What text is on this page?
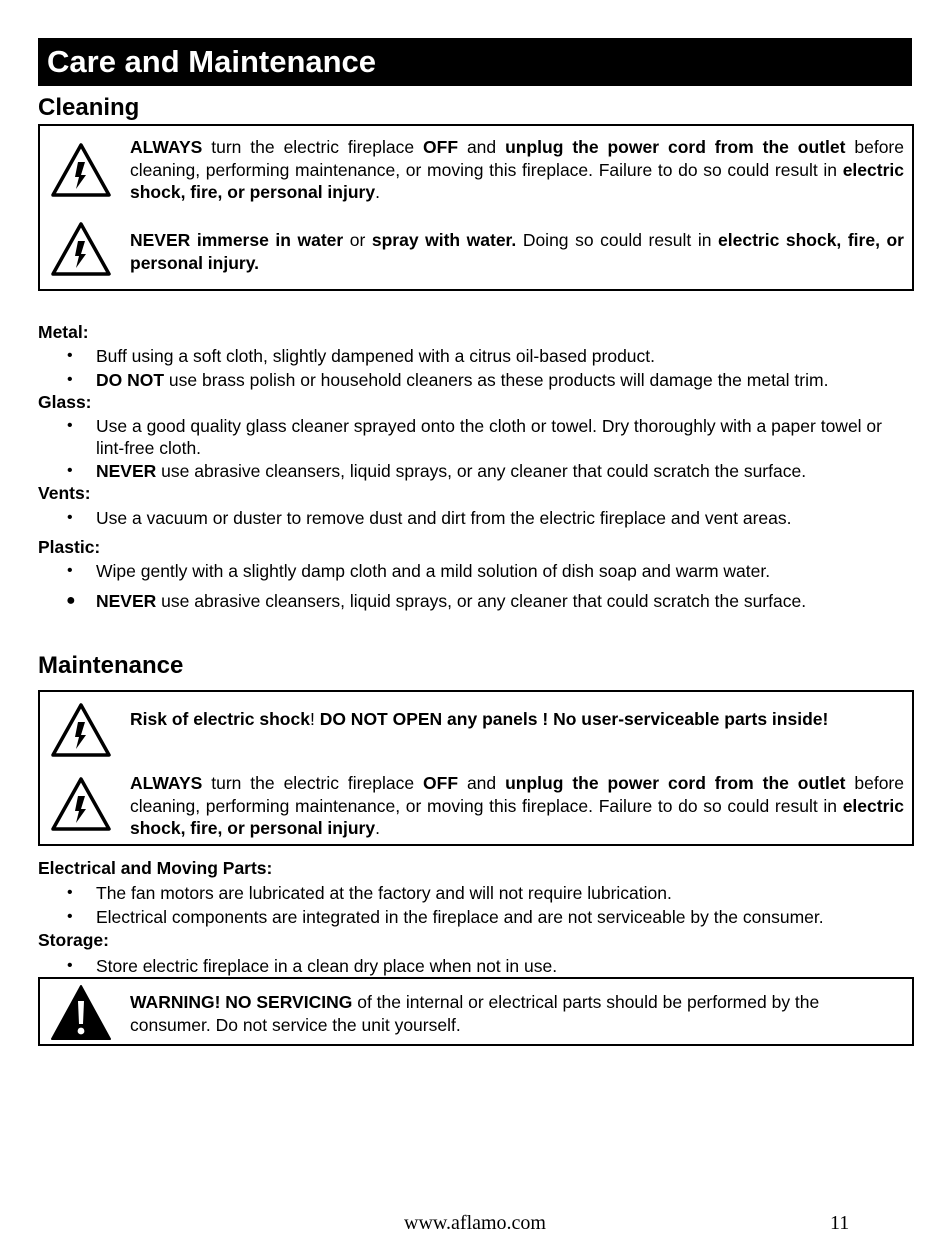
Care and Maintenance
Cleaning
ALWAYS turn the electric fireplace OFF and unplug the power cord from the outlet before cleaning, performing maintenance, or moving this fireplace. Failure to do so could result in electric shock, fire, or personal injury.
NEVER immerse in water or spray with water. Doing so could result in electric shock, fire, or personal injury.
Metal:
• Buff using a soft cloth, slightly dampened with a citrus oil-based product.
• DO NOT use brass polish or household cleaners as these products will damage the metal trim.
Glass:
• Use a good quality glass cleaner sprayed onto the cloth or towel. Dry thoroughly with a paper towel or lint-free cloth.
• NEVER use abrasive cleansers, liquid sprays, or any cleaner that could scratch the surface.
Vents:
• Use a vacuum or duster to remove dust and dirt from the electric fireplace and vent areas.
Plastic:
• Wipe gently with a slightly damp cloth and a mild solution of dish soap and warm water.
● NEVER use abrasive cleansers, liquid sprays, or any cleaner that could scratch the surface.
Maintenance
Risk of electric shock! DO NOT OPEN any panels ! No user-serviceable parts inside!
ALWAYS turn the electric fireplace OFF and unplug the power cord from the outlet before cleaning, performing maintenance, or moving this fireplace. Failure to do so could result in electric shock, fire, or personal injury.
Electrical and Moving Parts:
• The fan motors are lubricated at the factory and will not require lubrication.
• Electrical components are integrated in the fireplace and are not serviceable by the consumer.
Storage:
• Store electric fireplace in a clean dry place when not in use.
WARNING! NO SERVICING of the internal or electrical parts should be performed by the consumer. Do not service the unit yourself.
www.aflamo.com	11
